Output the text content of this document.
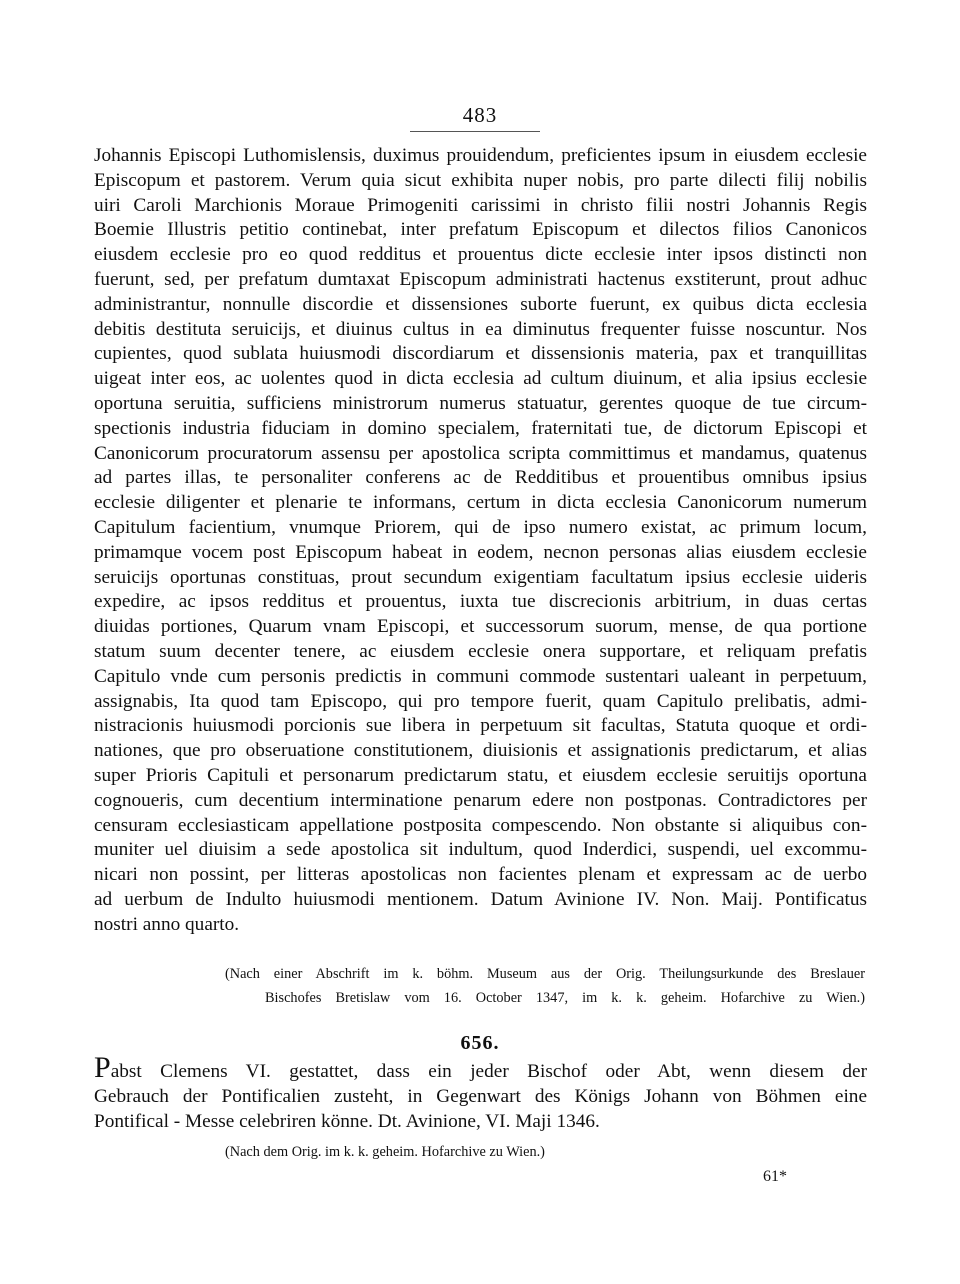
483
Johannis Episcopi Luthomislensis, duximus prouidendum, preficientes ipsum in eiusdem ecclesie
Episcopum et pastorem. Verum quia sicut exhibita nuper nobis, pro parte dilecti filij nobilis
uiri Caroli Marchionis Moraue Primogeniti carissimi in christo filii nostri Johannis Regis
Boemie Illustris petitio continebat, inter prefatum Episcopum et dilectos filios Canonicos
eiusdem ecclesie pro eo quod redditus et prouentus dicte ecclesie inter ipsos distincti non
fuerunt, sed, per prefatum dumtaxat Episcopum administrati hactenus exstiterunt, prout adhuc
administrantur, nonnulle discordie et dissensiones suborte fuerunt, ex quibus dicta ecclesia
debitis destituta seruicijs, et diuinus cultus in ea diminutus frequenter fuisse noscuntur. Nos
cupientes, quod sublata huiusmodi discordiarum et dissensionis materia, pax et tranquillitas
uigeat inter eos, ac uolentes quod in dicta ecclesia ad cultum diuinum, et alia ipsius ecclesie
oportuna seruitia, sufficiens ministrorum numerus statuatur, gerentes quoque de tue circum-
spectionis industria fiduciam in domino specialem, fraternitati tue, de dictorum Episcopi et
Canonicorum procuratorum assensu per apostolica scripta committimus et mandamus, quatenus
ad partes illas, te personaliter conferens ac de Redditibus et prouentibus omnibus ipsius
ecclesie diligenter et plenarie te informans, certum in dicta ecclesia Canonicorum numerum
Capitulum facientium, vnumque Priorem, qui de ipso numero existat, ac primum locum,
primamque vocem post Episcopum habeat in eodem, necnon personas alias eiusdem ecclesie
seruicijs oportunas constituas, prout secundum exigentiam facultatum ipsius ecclesie uideris
expedire, ac ipsos redditus et prouentus, iuxta tue discrecionis arbitrium, in duas certas
diuidas portiones, Quarum vnam Episcopi, et successorum suorum, mense, de qua portione
statum suum decenter tenere, ac eiusdem ecclesie onera supportare, et reliquam prefatis
Capitulo vnde cum personis predictis in communi commode sustentari ualeant in perpetuum,
assignabis, Ita quod tam Episcopo, qui pro tempore fuerit, quam Capitulo prelibatis, admi-
nistracionis huiusmodi porcionis sue libera in perpetuum sit facultas, Statuta quoque et ordi-
nationes, que pro obseruatione constitutionem, diuisionis et assignationis predictarum, et alias
super Prioris Capituli et personarum predictarum statu, et eiusdem ecclesie seruitijs oportuna
cognoueris, cum decentium interminatione penarum edere non postponas. Contradictores per
censuram ecclesiasticam appellatione postposita compescendo. Non obstante si aliquibus con-
muniter uel diuisim a sede apostolica sit indultum, quod Inderdici, suspendi, uel excommu-
nicari non possint, per litteras apostolicas non facientes plenam et expressam ac de uerbo
ad uerbum de Indulto huiusmodi mentionem. Datum Avinione IV. Non. Maij. Pontificatus
nostri anno quarto.
(Nach einer Abschrift im k. böhm. Museum aus der Orig. Theilungsurkunde des Breslauer
Bischofes Bretislaw vom 16. October 1347, im k. k. geheim. Hofarchive zu Wien.)
656.
Pabst Clemens VI. gestattet, dass ein jeder Bischof oder Abt, wenn diesem der
Gebrauch der Pontificalien zusteht, in Gegenwart des Königs Johann von Böhmen eine
Pontifical - Messe celebriren könne. Dt. Avinione, VI. Maji 1346.
(Nach dem Orig. im k. k. geheim. Hofarchive zu Wien.)
61*
